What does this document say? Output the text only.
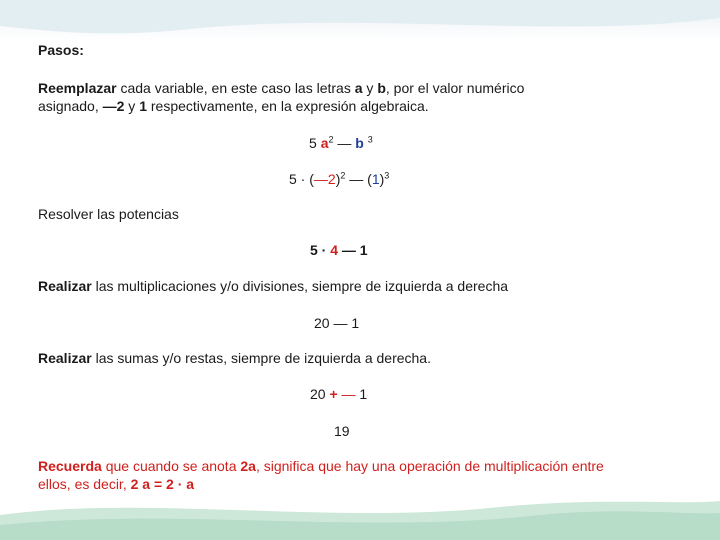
Pasos:
Reemplazar cada variable, en este caso las letras a y b, por el valor numérico
asignado, —2 y 1 respectivamente, en la expresión algebraica.
5 $a^2$ — b $^3$
5 · (—2)$^2$ — $(1)^3$
Resolver las potencias
5 · 4 — 1
Realizar las multiplicaciones y/o divisiones, siempre de izquierda a derecha
20 — 1
Realizar las sumas y/o restas, siempre de izquierda a derecha.
20 + — 1
19
Recuerda que cuando se anota 2a, significa que hay una operación de multiplicación entre
ellos, es decir, 2 a = 2 · a
